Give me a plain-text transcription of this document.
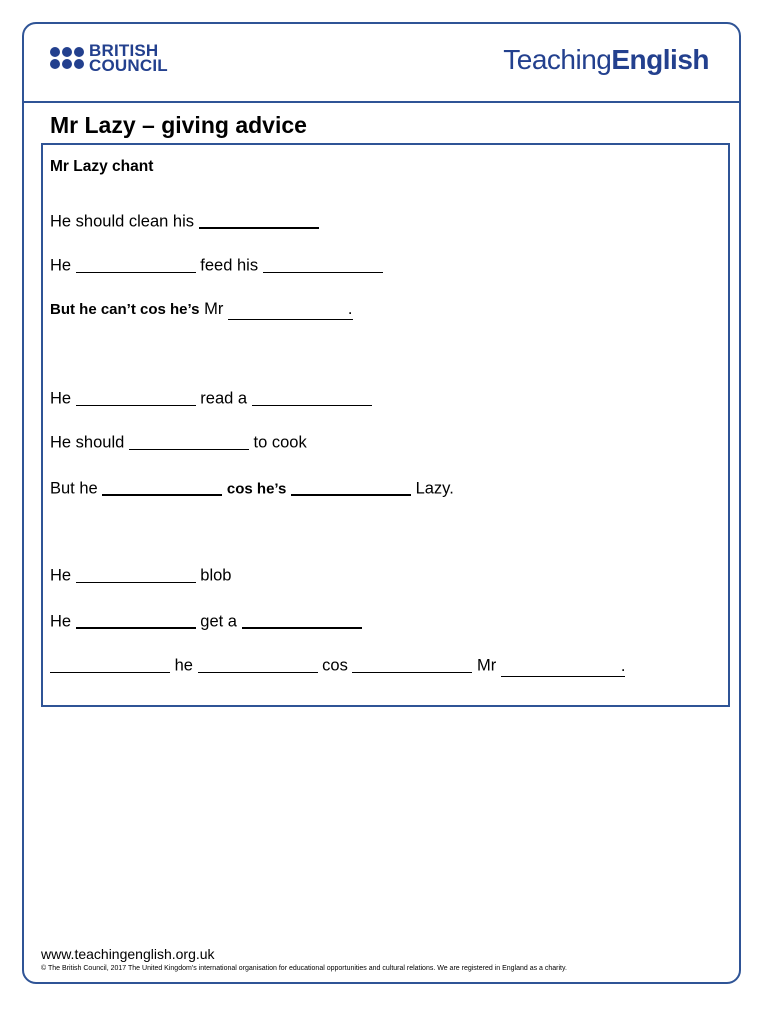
BRITISH
COUNCIL	TeachingEnglish
Mr Lazy – giving advice
Mr Lazy chant
He should clean his
He	feed his
But he can’t cos he’s Mr	.
He	read a
He should	to cook
But he	cos he’s	Lazy.
He	blob
He	get a
he	cos	Mr	.
www.teachingenglish.org.uk
© The British Council, 2017 The United Kingdom’s international organisation for educational opportunities and cultural relations. We are registered in England as a charity.
